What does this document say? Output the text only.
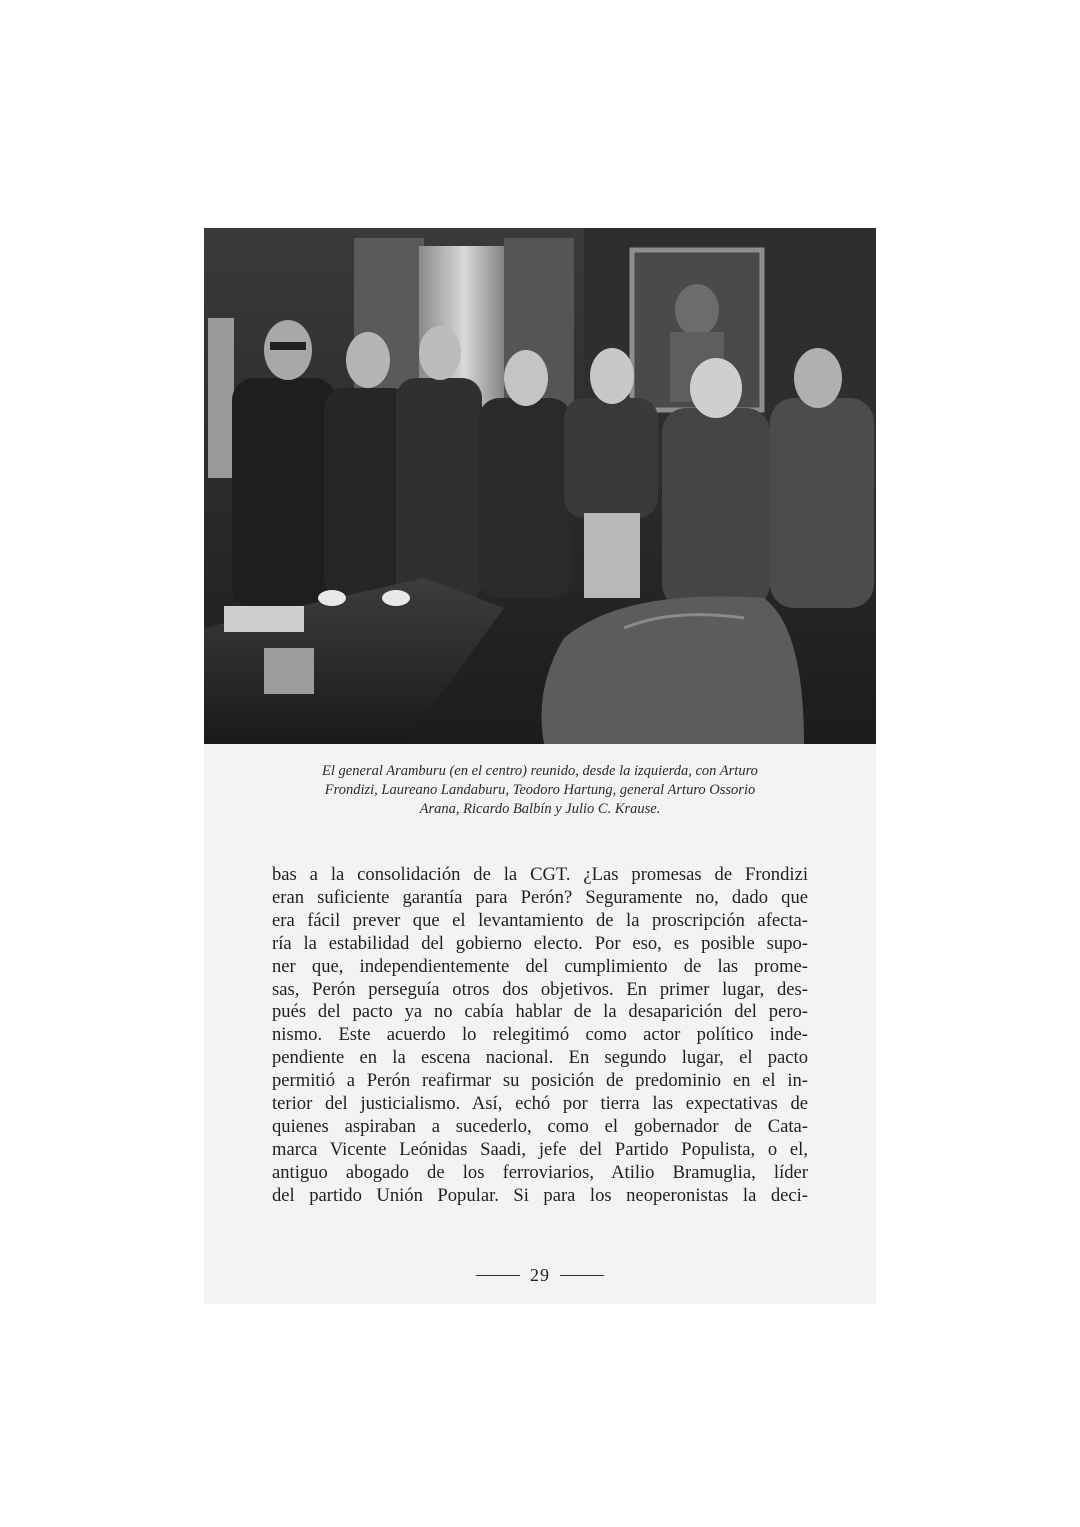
El general Aramburu (en el centro) reunido, desde la izquierda, con Arturo
Frondizi, Laureano Landaburu, Teodoro Hartung, general Arturo Ossorio
Arana, Ricardo Balbín y Julio C. Krause.
bas a la consolidación de la CGT. ¿Las promesas de Frondizi
eran suficiente garantía para Perón? Seguramente no, dado que
era fácil prever que el levantamiento de la proscripción afecta-
ría la estabilidad del gobierno electo. Por eso, es posible supo-
ner que, independientemente del cumplimiento de las prome-
sas, Perón perseguía otros dos objetivos. En primer lugar, des-
pués del pacto ya no cabía hablar de la desaparición del pero-
nismo. Este acuerdo lo relegitimó como actor político inde-
pendiente en la escena nacional. En segundo lugar, el pacto
permitió a Perón reafirmar su posición de predominio en el in-
terior del justicialismo. Así, echó por tierra las expectativas de
quienes aspiraban a sucederlo, como el gobernador de Cata-
marca Vicente Leónidas Saadi, jefe del Partido Populista, o el,
antiguo abogado de los ferroviarios, Atilio Bramuglia, líder
del partido Unión Popular. Si para los neoperonistas la deci-
29
